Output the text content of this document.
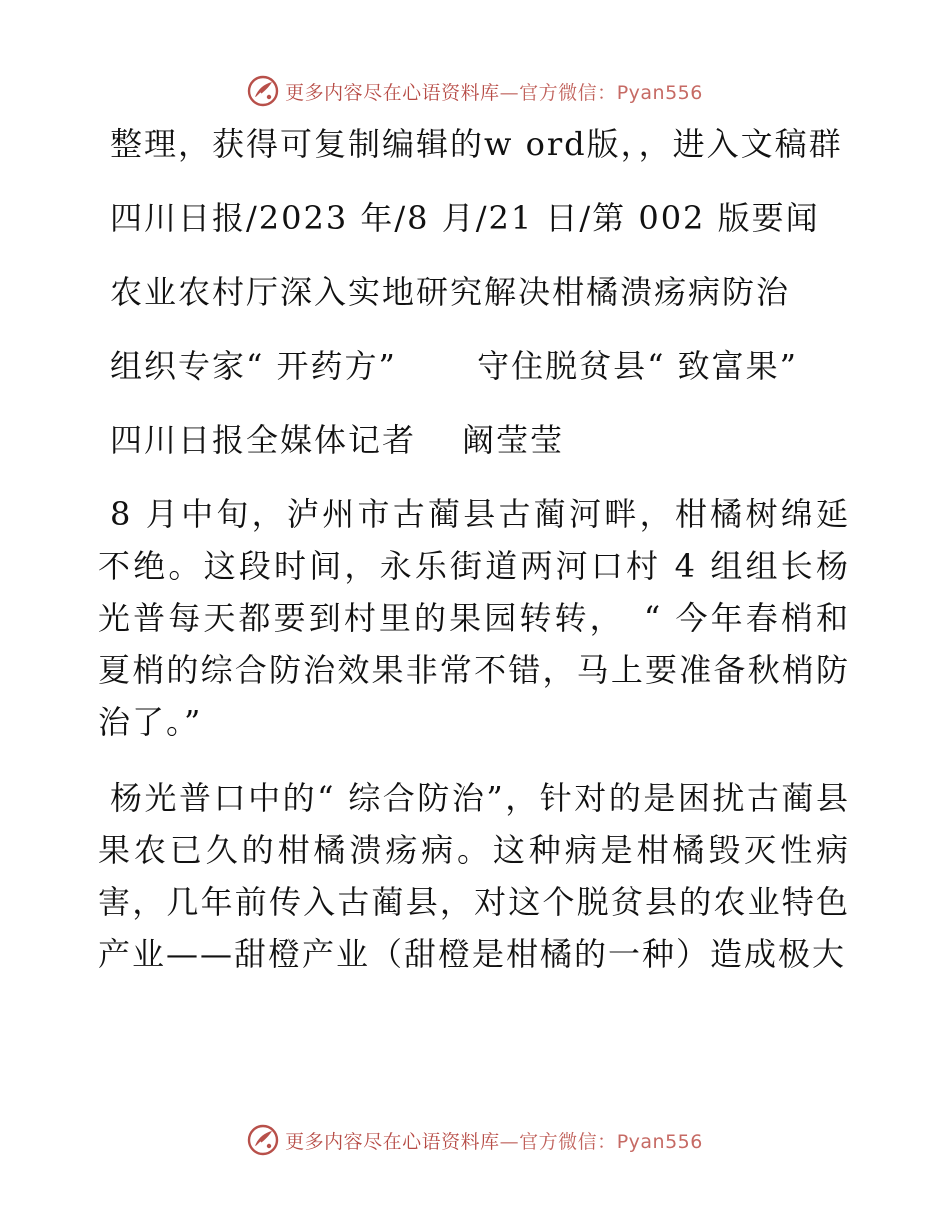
更多内容尽在心语资料库—官方微信：Pyan556

整理，获得可复制编辑的w ord版，，进入文稿群

四川日报/2023 年/8 月/21 日/第 002 版要闻

农业农村厅深入实地研究解决柑橘溃疡病防治

组织专家“ 开药方”　　 守住脱贫县“ 致富果”

四川日报全媒体记者　 阚莹莹

8 月中旬，泸州市古蔺县古蔺河畔，柑橘树绵延不绝。这段时间，永乐街道两河口村 4 组组长杨光普每天都要到村里的果园转转，　“ 今年春梢和夏梢的综合防治效果非常不错，马上要准备秋梢防治了。”

杨光普口中的“ 综合防治”，针对的是困扰古蔺县果农已久的柑橘溃疡病。这种病是柑橘毁灭性病害，几年前传入古蔺县，对这个脱贫县的农业特色产业——甜橙产业（甜橙是柑橘的一种）造成极大

更多内容尽在心语资料库—官方微信：Pyan556
